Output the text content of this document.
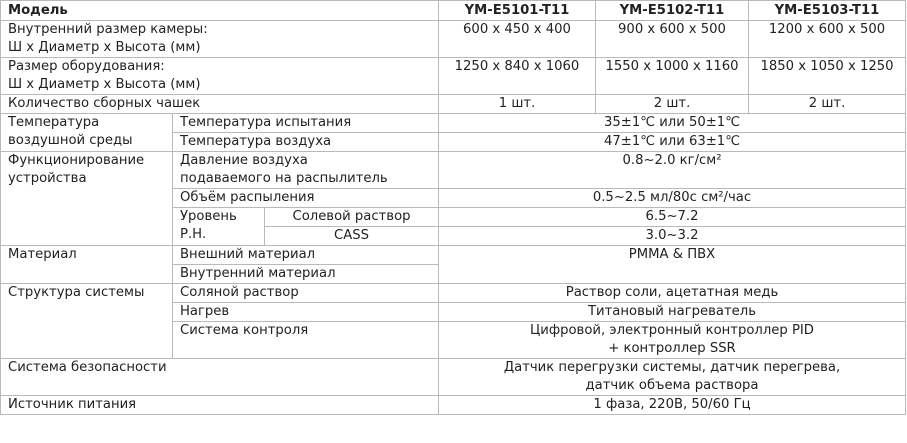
Модель			YM-E5101-T11	YM-E5102-T11	YM-E5103-T11
Внутренний размер камеры:
Ш х Диаметр х Высота (мм)			600 x 450 x 400	900 x 600 x 500	1200 x 600 x 500
Размер оборудования:
Ш х Диаметр х Высота (мм)			1250 x 840 x 1060	1550 x 1000 x 1160	1850 x 1050 x 1250
Количество сборных чашек			1 шт.	2 шт.	2 шт.
Температура
воздушной среды	Температура испытания		35±1℃ или 50±1℃		
	Температура воздуха		47±1℃ или 63±1℃		
Функционирование
устройства	Давление воздуха
подаваемого на распылитель		0.8~2.0 кг/см²		
	Объём распыления		0.5~2.5 мл/80с см²/час		
	Уровень
Р.Н.	Солевой раствор	6.5~7.2		
		CASS	3.0~3.2		
Материал	Внешний материал		PMMA & ПВХ		
	Внутренний материал				
Структура системы	Соляной раствор		Раствор соли, ацетатная медь		
	Нагрев		Титановый нагреватель		
	Система контроля		Цифровой, электронный контроллер PID
+ контроллер SSR		
Система безопасности			Датчик перегрузки системы, датчик перегрева,
датчик объема раствора		
Источник питания			1 фаза, 220В, 50/60 Гц		
